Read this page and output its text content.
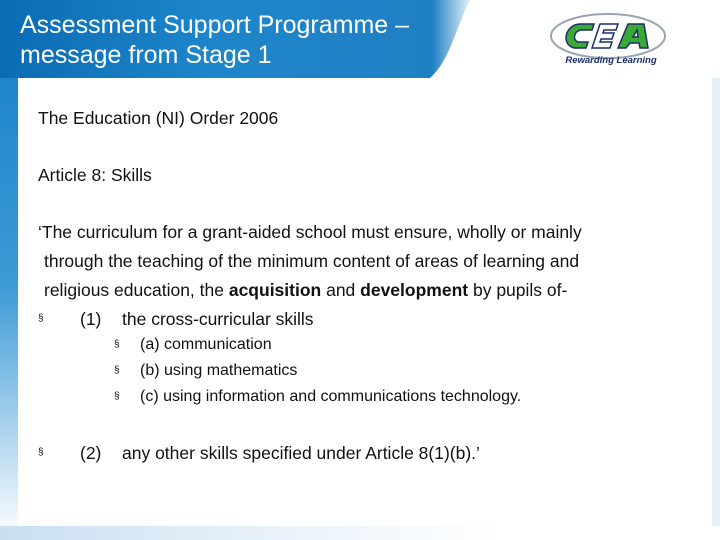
Assessment Support Programme –
message from Stage 1	Rewarding Learning
The Education (NI) Order 2006
Article 8: Skills
‘The curriculum for a grant-aided school must ensure, wholly or mainly
through the teaching of the minimum content of areas of learning and
religious education, the acquisition and development by pupils of-
§ (1) the cross-curricular skills
§ (a) communication
§ (b) using mathematics
§ (c) using information and communications technology.
§ (2) any other skills specified under Article 8(1)(b).’
